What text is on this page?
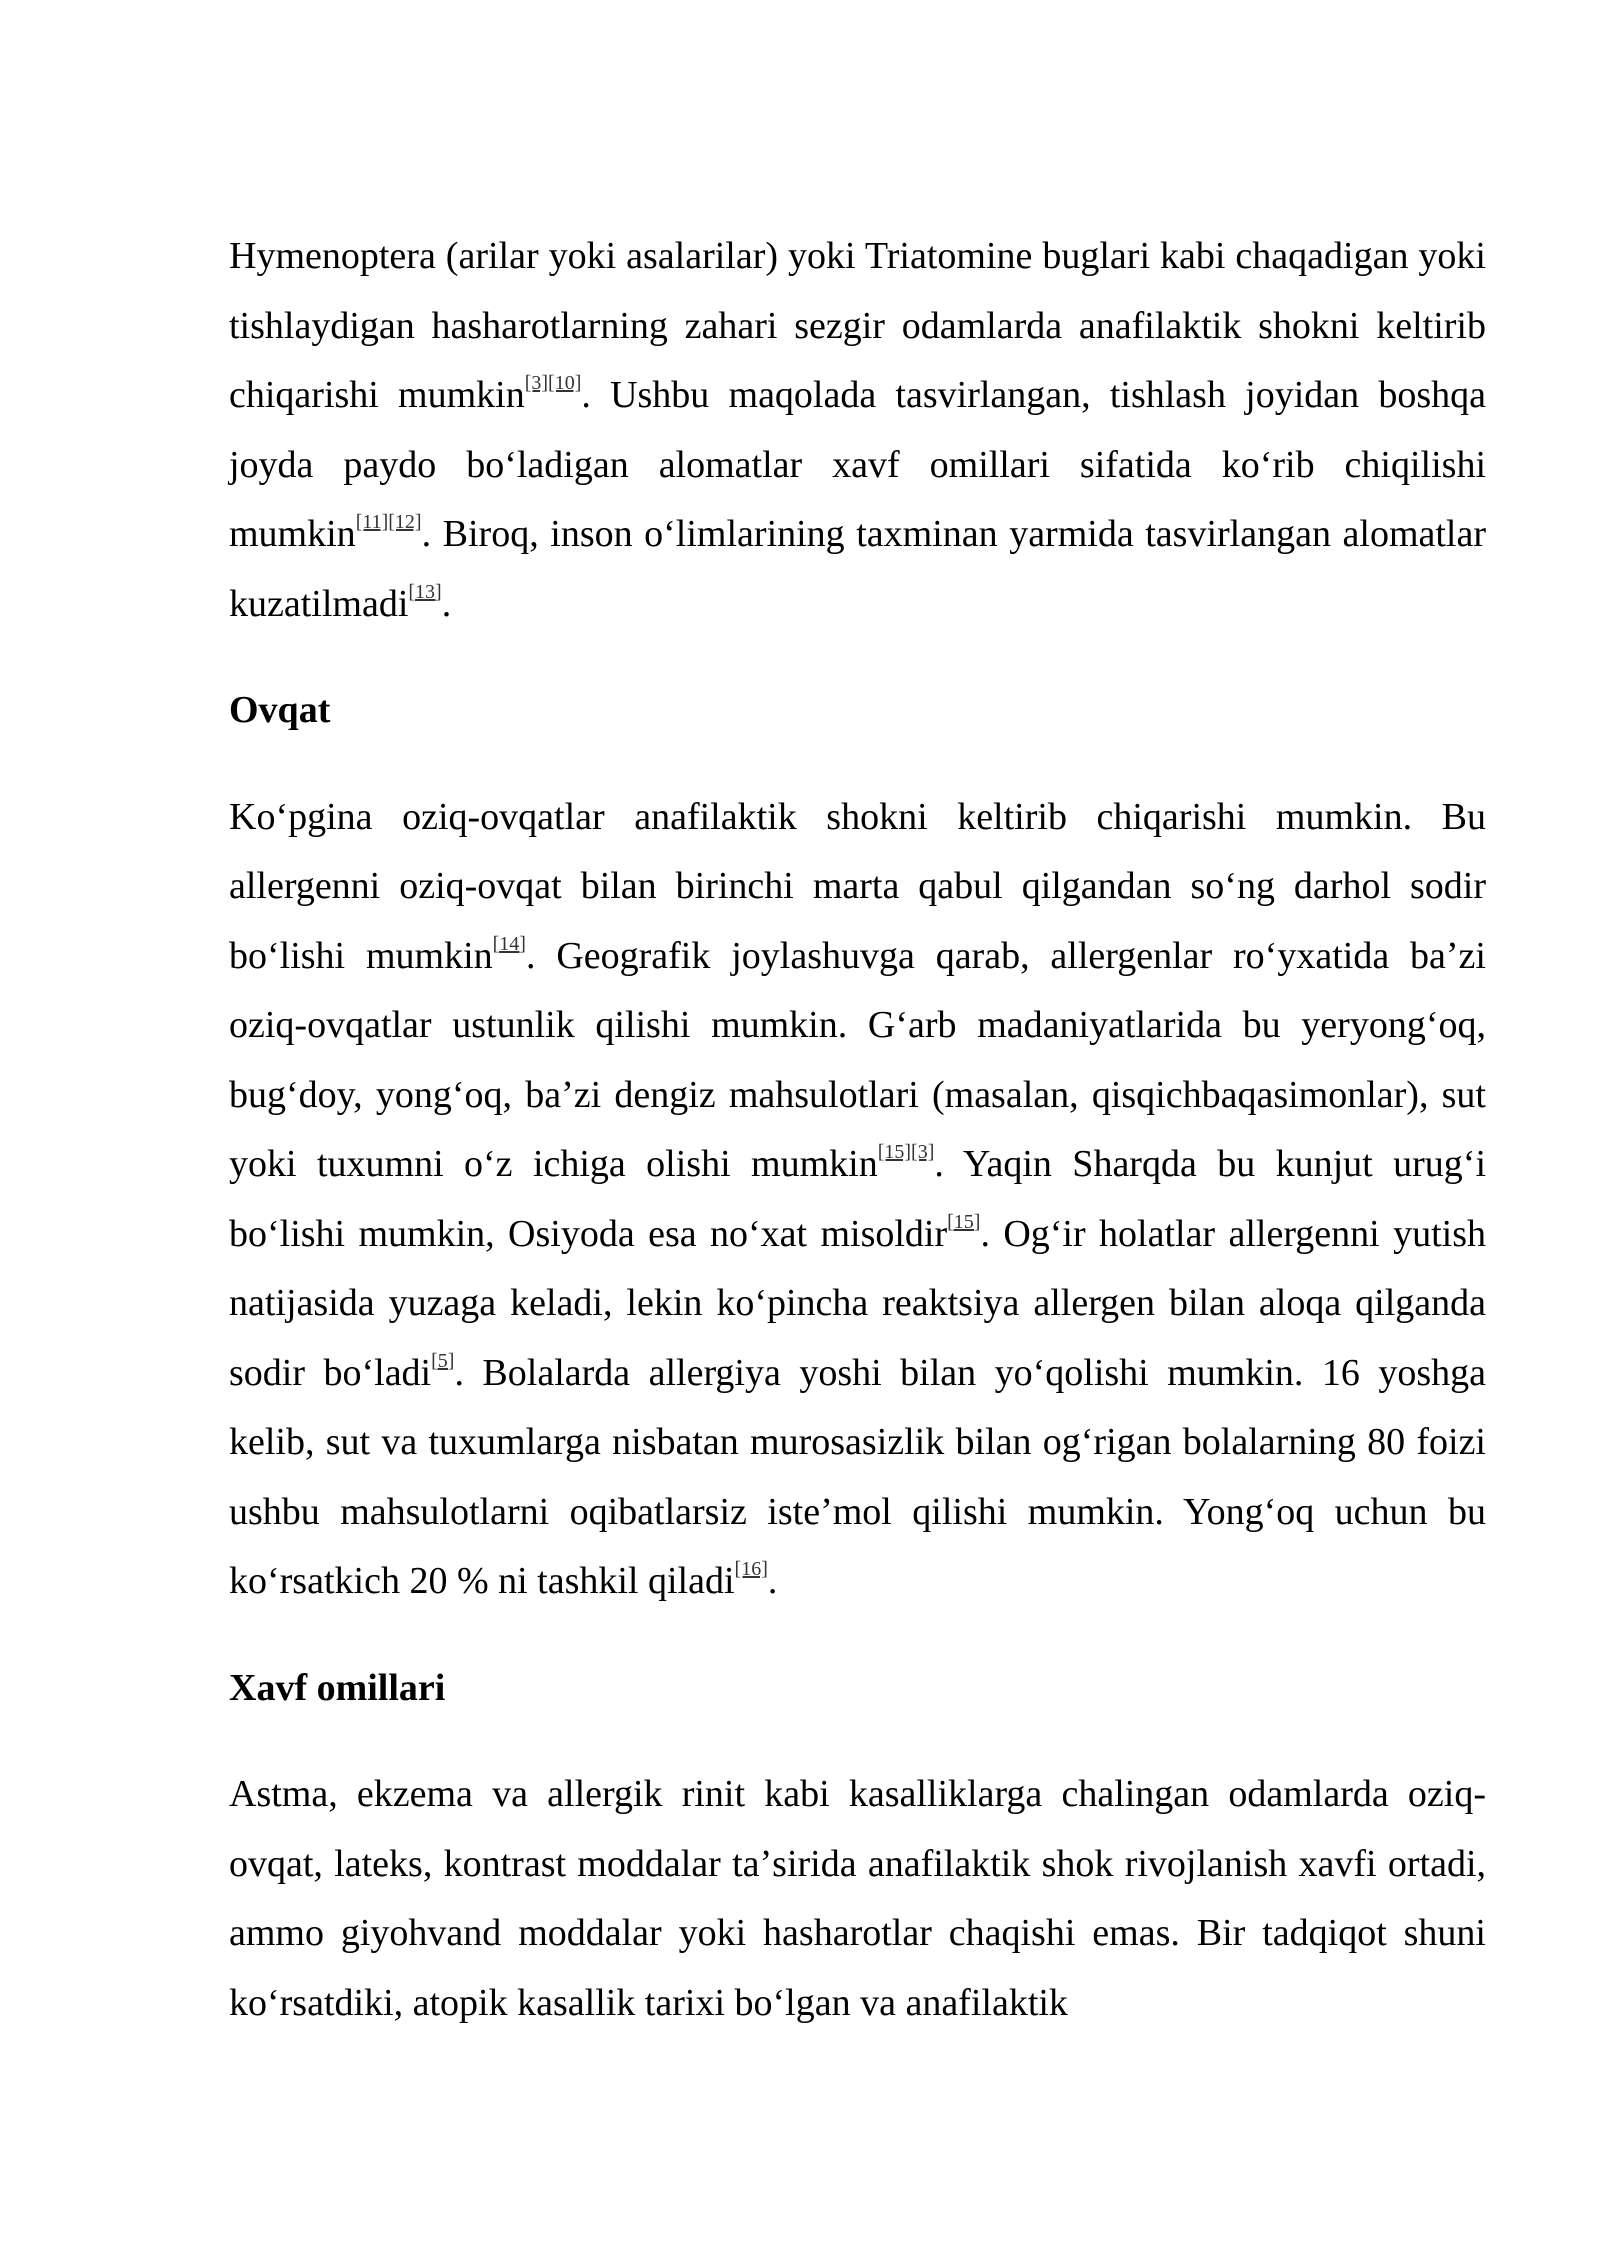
Hymenoptera (arilar yoki asalarilar) yoki Triatomine buglari kabi chaqadigan yoki tishlaydigan hasharotlarning zahari sezgir odamlarda anafilaktik shokni keltirib chiqarishi mumkin[3][10]. Ushbu maqolada tasvirlangan, tishlash joyidan boshqa joyda paydo boʻladigan alomatlar xavf omillari sifatida koʻrib chiqilishi mumkin[11][12]. Biroq, inson oʻlimlarining taxminan yarmida tasvirlangan alomatlar kuzatilmadi[13].

Ovqat

Koʻpgina oziq-ovqatlar anafilaktik shokni keltirib chiqarishi mumkin. Bu allergenni oziq-ovqat bilan birinchi marta qabul qilgandan soʻng darhol sodir boʻlishi mumkin[14]. Geografik joylashuvga qarab, allergenlar roʻyxatida baʼzi oziq-ovqatlar ustunlik qilishi mumkin. Gʻarb madaniyatlarida bu yeryongʻoq, bugʻdoy, yongʻoq, baʼzi dengiz mahsulotlari (masalan, qisqichbaqasimonlar), sut yoki tuxumni oʻz ichiga olishi mumkin[15][3]. Yaqin Sharqda bu kunjut urugʻi boʻlishi mumkin, Osiyoda esa noʻxat misoldir[15]. Ogʻir holatlar allergenni yutish natijasida yuzaga keladi, lekin koʻpincha reaktsiya allergen bilan aloqa qilganda sodir boʻladi[5]. Bolalarda allergiya yoshi bilan yoʻqolishi mumkin. 16 yoshga kelib, sut va tuxumlarga nisbatan murosasizlik bilan ogʻrigan bolalarning 80 foizi ushbu mahsulotlarni oqibatlarsiz isteʼmol qilishi mumkin. Yongʻoq uchun bu koʻrsatkich 20 % ni tashkil qiladi[16].

Xavf omillari

Astma, ekzema va allergik rinit kabi kasalliklarga chalingan odamlarda oziq-ovqat, lateks, kontrast moddalar taʼsirida anafilaktik shok rivojlanish xavfi ortadi, ammo giyohvand moddalar yoki hasharotlar chaqishi emas. Bir tadqiqot shuni koʻrsatdiki, atopik kasallik tarixi boʻlgan va anafilaktik
